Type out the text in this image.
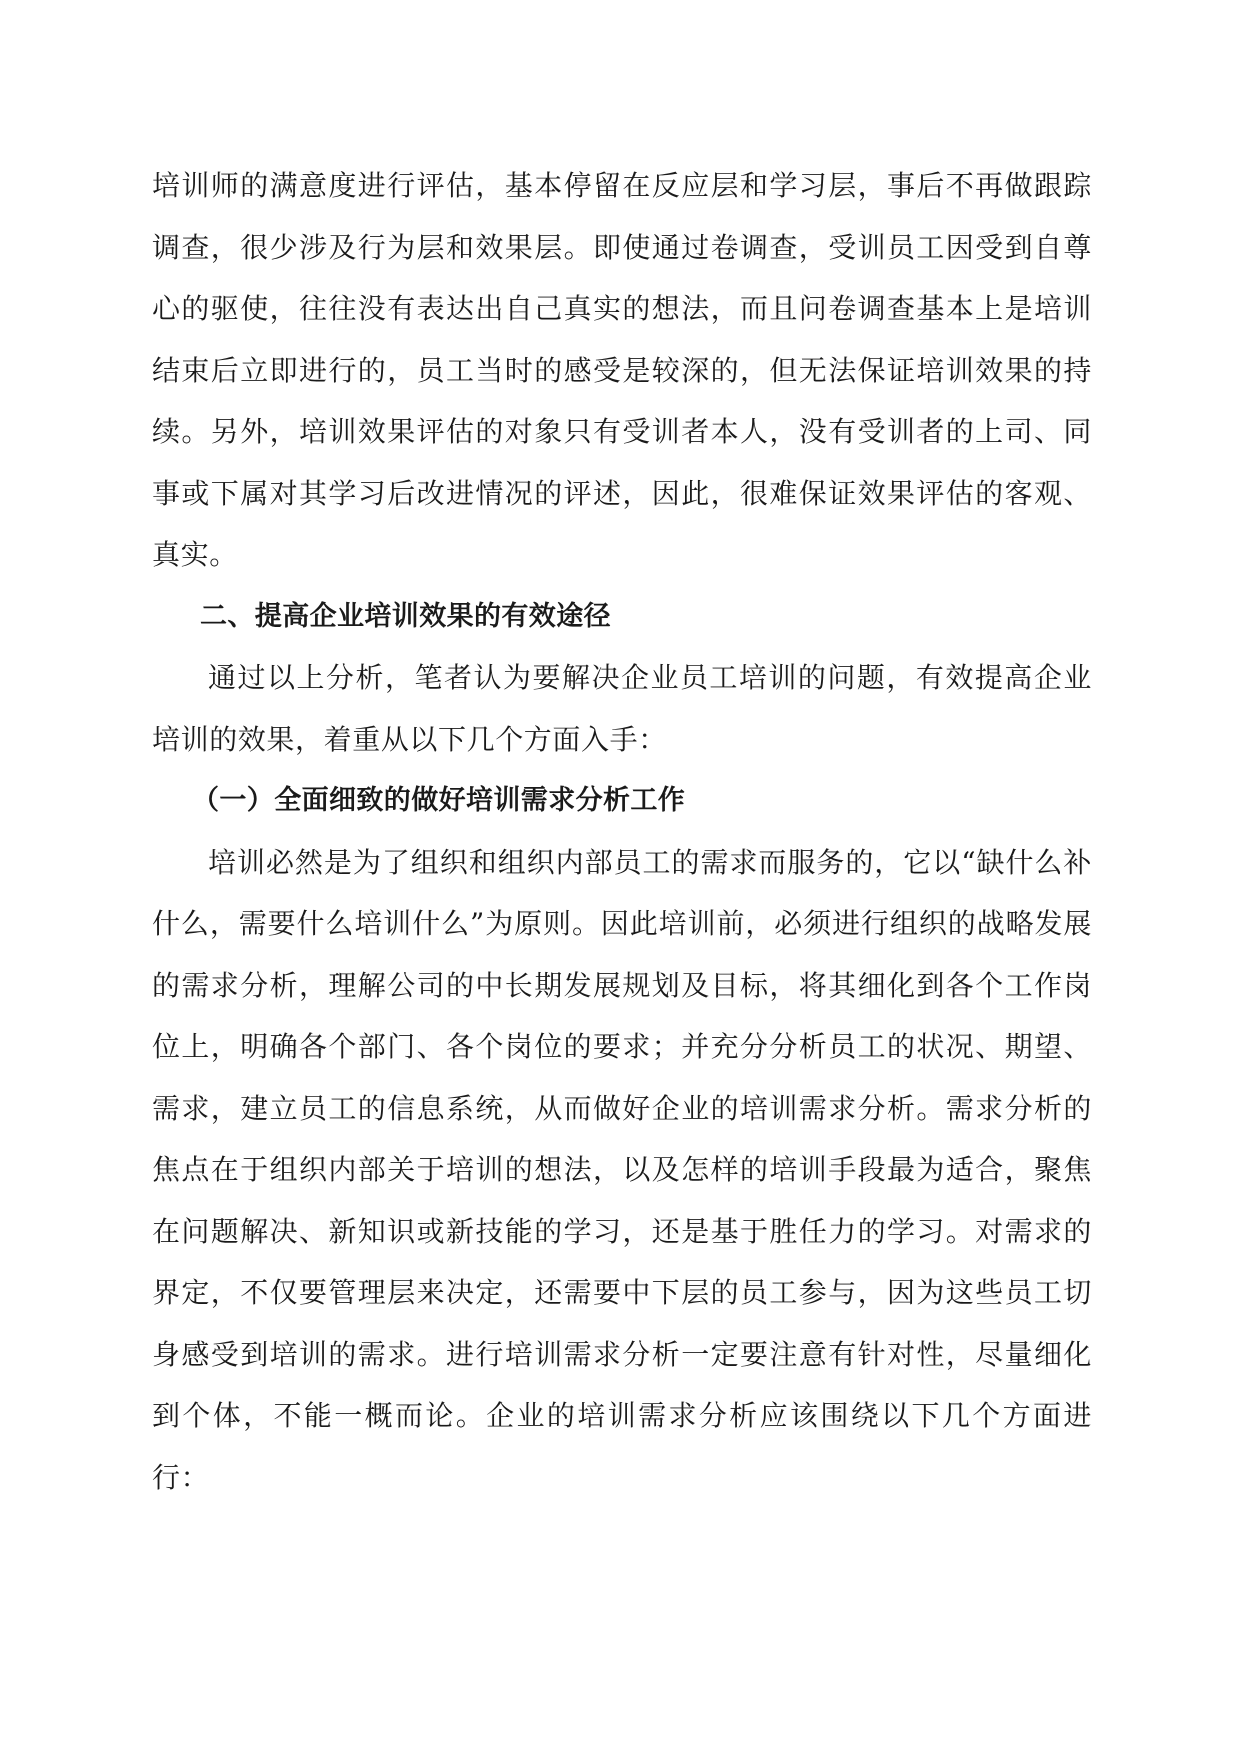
培训师的满意度进行评估，基本停留在反应层和学习层，事后不再做跟踪调查，很少涉及行为层和效果层。即使通过卷调查，受训员工因受到自尊心的驱使，往往没有表达出自己真实的想法，而且问卷调查基本上是培训结束后立即进行的，员工当时的感受是较深的，但无法保证培训效果的持续。另外，培训效果评估的对象只有受训者本人，没有受训者的上司、同事或下属对其学习后改进情况的评述，因此，很难保证效果评估的客观、真实。

二、提高企业培训效果的有效途径

通过以上分析，笔者认为要解决企业员工培训的问题，有效提高企业培训的效果，着重从以下几个方面入手：

（一）全面细致的做好培训需求分析工作

培训必然是为了组织和组织内部员工的需求而服务的，它以“缺什么补什么，需要什么培训什么”为原则。因此培训前，必须进行组织的战略发展的需求分析，理解公司的中长期发展规划及目标，将其细化到各个工作岗位上，明确各个部门、各个岗位的要求；并充分分析员工的状况、期望、需求，建立员工的信息系统，从而做好企业的培训需求分析。需求分析的焦点在于组织内部关于培训的想法，以及怎样的培训手段最为适合，聚焦在问题解决、新知识或新技能的学习，还是基于胜任力的学习。对需求的界定，不仅要管理层来决定，还需要中下层的员工参与，因为这些员工切身感受到培训的需求。进行培训需求分析一定要注意有针对性，尽量细化到个体，不能一概而论。企业的培训需求分析应该围绕以下几个方面进行：
